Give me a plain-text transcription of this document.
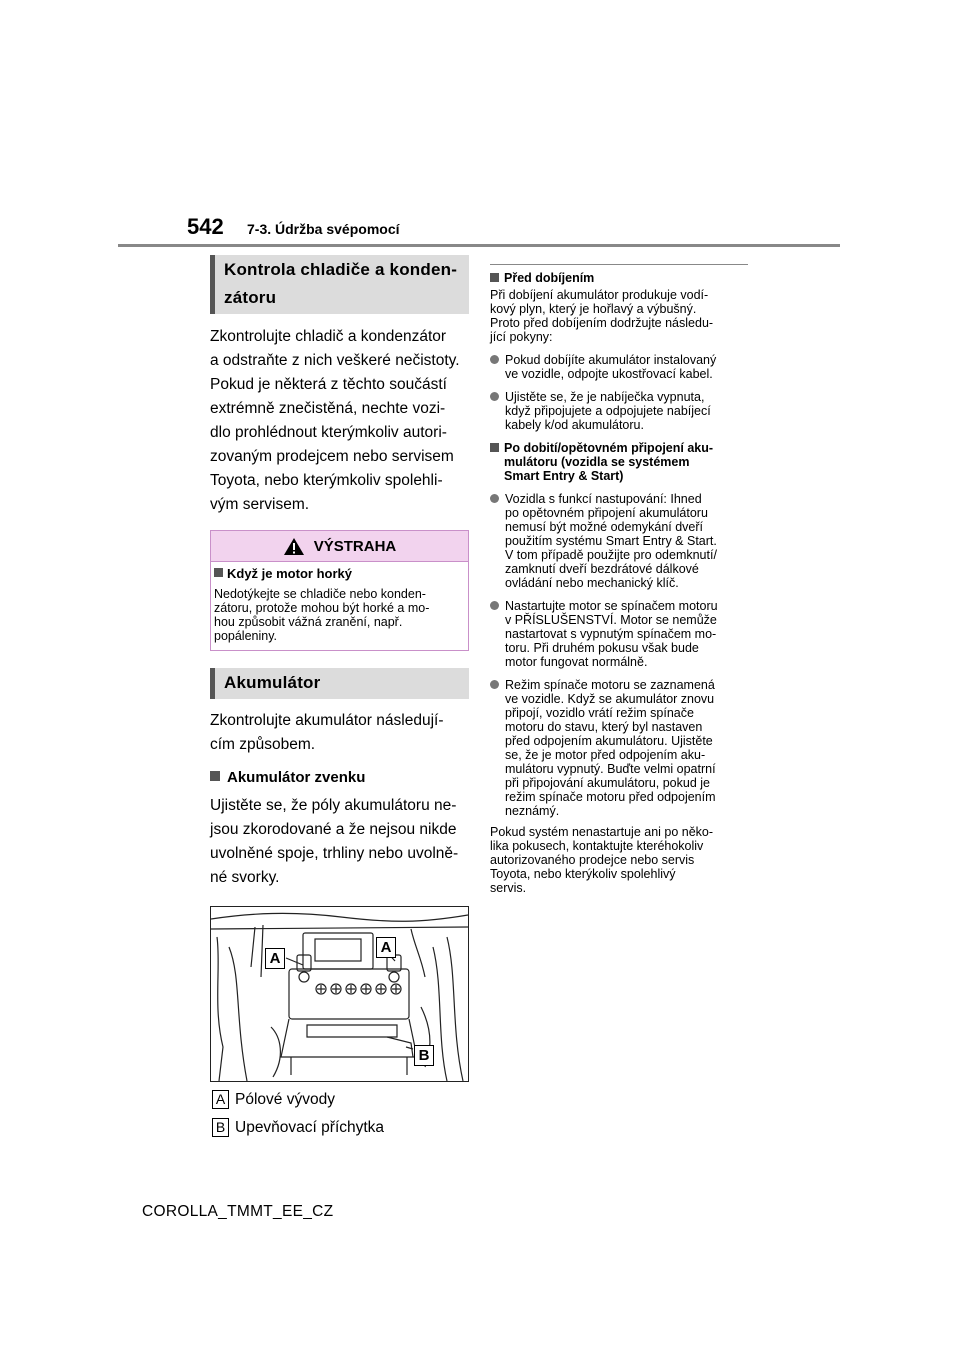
542 7-3. Údržba svépomocí
Kontrola chladiče a konden-
zátoru

Zkontrolujte chladič a kondenzátor

a odstraňte z nich veškeré nečistoty.

Pokud je některá z těchto součástí

extrémně znečistěná, nechte vozi-

dlo prohlédnout kterýmkoliv autori-

zovaným prodejcem nebo servisem

Toyota, nebo kterýmkoliv spolehli-

vým servisem.

VÝSTRAHA
Když je motor horký
Nedotýkejte se chladiče nebo konden-
zátoru, protože mohou být horké a mo-
hou způsobit vážná zranění, např.
popáleniny.
Akumulátor

Zkontrolujte akumulátor následují-

cím způsobem.

Akumulátor zvenku

Ujistěte se, že póly akumulátoru ne-

jsou zkorodované a že nejsou nikde

uvolněné spoje, trhliny nebo uvolně-

né svorky.

A
A
B
A Pólové vývody
B Upevňovací příchytka
Před dobíjením
Při dobíjení akumulátor produkuje vodí-
kový plyn, který je hořlavý a výbušný.
Proto před dobíjením dodržujte následu-
jící pokyny:
Pokud dobíjíte akumulátor instalovaný
ve vozidle, odpojte ukostřovací kabel.
Ujistěte se, že je nabíječka vypnuta,
když připojujete a odpojujete nabíjecí
kabely k/od akumulátoru.
Po dobití/opětovném připojení aku-
mulátoru (vozidla se systémem
Smart Entry & Start)
Vozidla s funkcí nastupování: Ihned
po opětovném připojení akumulátoru
nemusí být možné odemykání dveří
použitím systému Smart Entry & Start.
V tom případě použijte pro odemknutí/
zamknutí dveří bezdrátové dálkové
ovládání nebo mechanický klíč.
Nastartujte motor se spínačem motoru
v PŘÍSLUŠENSTVÍ. Motor se nemůže
nastartovat s vypnutým spínačem mo-
toru. Při druhém pokusu však bude
motor fungovat normálně.
Režim spínače motoru se zaznamená
ve vozidle. Když se akumulátor znovu
připojí, vozidlo vrátí režim spínače
motoru do stavu, který byl nastaven
před odpojením akumulátoru. Ujistěte
se, že je motor před odpojením aku-
mulátoru vypnutý. Buďte velmi opatrní
při připojování akumulátoru, pokud je
režim spínače motoru před odpojením
neznámý.
Pokud systém nenastartuje ani po něko-
lika pokusech, kontaktujte kteréhokoliv
autorizovaného prodejce nebo servis
Toyota, nebo kterýkoliv spolehlivý
servis.
COROLLA_TMMT_EE_CZ
